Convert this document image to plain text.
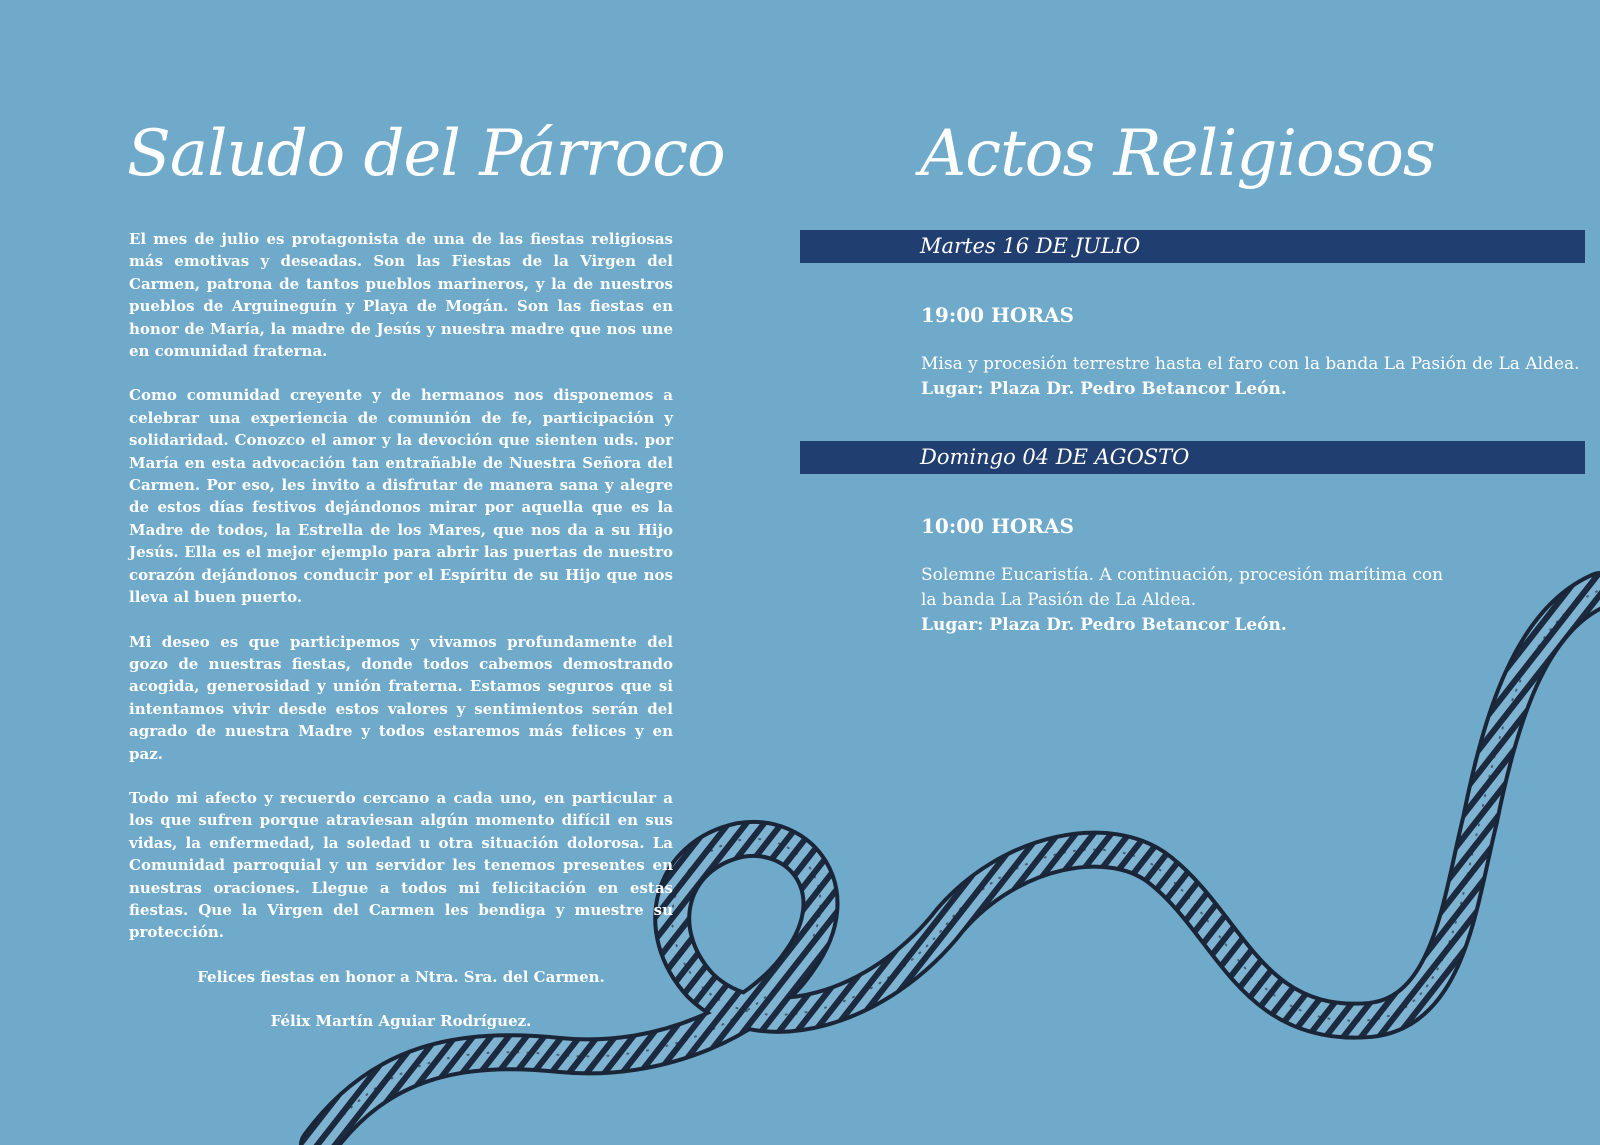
Saludo del Párroco

El mes de julio es protagonista de una de las fiestas religiosas más emotivas y deseadas. Son las Fiestas de la Virgen del Carmen, patrona de tantos pueblos marineros, y la de nuestros pueblos de Arguineguín y Playa de Mogán. Son las fiestas en honor de María, la madre de Jesús y nuestra madre que nos une en comunidad fraterna.

Como comunidad creyente y de hermanos nos disponemos a celebrar una experiencia de comunión de fe, participación y solidaridad. Conozco el amor y la devoción que sienten uds. por María en esta advocación tan entrañable de Nuestra Señora del Carmen. Por eso, les invito a disfrutar de manera sana y alegre de estos días festivos dejándonos mirar por aquella que es la Madre de todos, la Estrella de los Mares, que nos da a su Hijo Jesús. Ella es el mejor ejemplo para abrir las puertas de nuestro corazón dejándonos conducir por el Espíritu de su Hijo que nos lleva al buen puerto.

Mi deseo es que participemos y vivamos profundamente del gozo de nuestras fiestas, donde todos cabemos demostrando acogida, generosidad y unión fraterna. Estamos seguros que si intentamos vivir desde estos valores y sentimientos serán del agrado de nuestra Madre y todos estaremos más felices y en paz.

Todo mi afecto y recuerdo cercano a cada uno, en particular a los que sufren porque atraviesan algún momento difícil en sus vidas, la enfermedad, la soledad u otra situación dolorosa. La Comunidad parroquial y un servidor les tenemos presentes en nuestras oraciones. Llegue a todos mi felicitación en estas fiestas. Que la Virgen del Carmen les bendiga y muestre su protección.

Felices fiestas en honor a Ntra. Sra. del Carmen.

Félix Martín Aguiar Rodríguez.

Actos Religiosos
Martes 16 DE JULIO
19:00 HORAS
Misa y procesión terrestre hasta el faro con la banda La Pasión de La Aldea.
Lugar: Plaza Dr. Pedro Betancor León.
Domingo 04 DE AGOSTO
10:00 HORAS
Solemne Eucaristía. A continuación, procesión marítima con la banda La Pasión de La Aldea.
Lugar: Plaza Dr. Pedro Betancor León.
